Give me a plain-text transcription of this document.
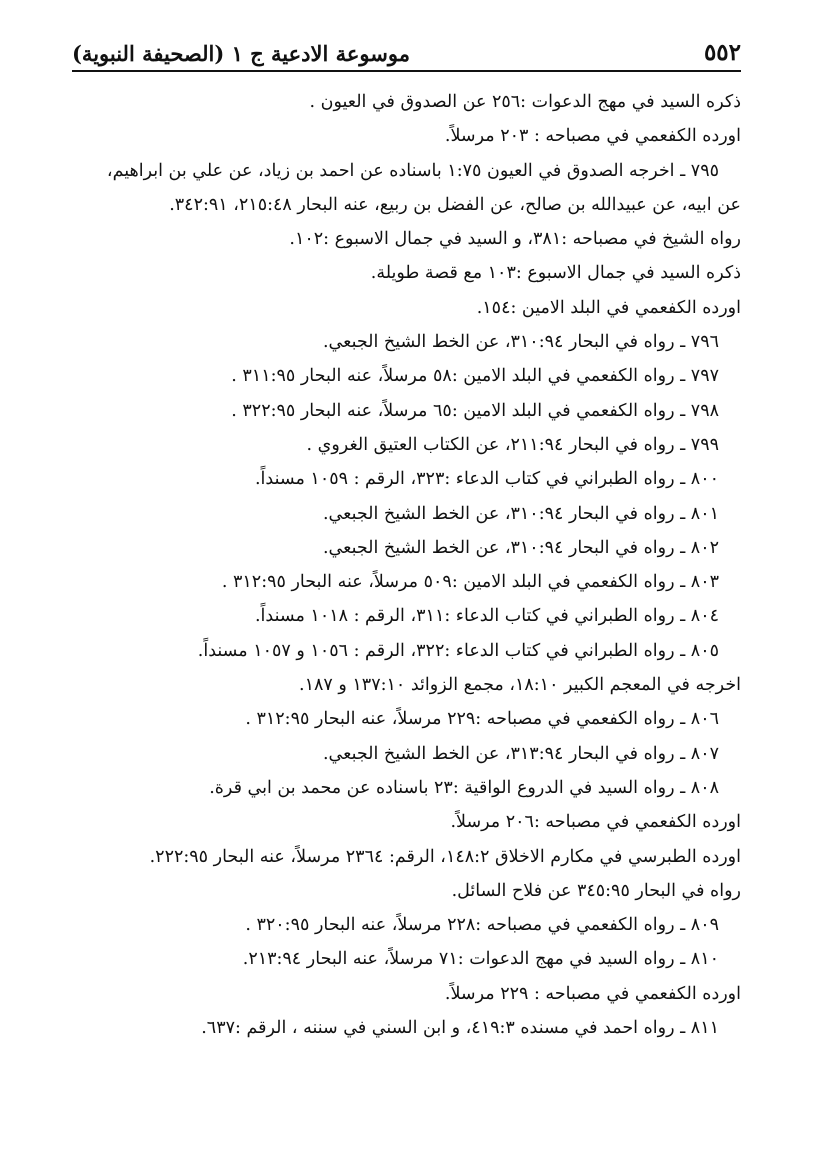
٥٥٢
موسوعة الادعية ج ١ (الصحيفة النبوية)
ذكره السيد في مهج الدعوات :٢٥٦ عن الصدوق في العيون .
اورده الكفعمي في مصباحه : ٢٠٣ مرسلاً.
٧٩٥ ـ اخرجه الصدوق في العيون ١:٧٥ باسناده عن احمد بن زياد، عن علي بن ابراهيم،
عن ابيه، عن عبيدالله بن صالح، عن الفضل بن ربيع، عنه البحار ٢١٥:٤٨، ٣٤٢:٩١.
رواه الشيخ في مصباحه :٣٨١، و السيد في جمال الاسبوع :١٠٢.
ذكره السيد في جمال الاسبوع :١٠٣ مع قصة طويلة.
اورده الكفعمي في البلد الامين :١٥٤.
٧٩٦ ـ رواه في البحار ٣١٠:٩٤، عن الخط الشيخ الجبعي.
٧٩٧ ـ رواه الكفعمي في البلد الامين :٥٨ مرسلاً، عنه البحار ٣١١:٩٥ .
٧٩٨ ـ رواه الكفعمي في البلد الامين :٦٥ مرسلاً، عنه البحار ٣٢٢:٩٥ .
٧٩٩ ـ رواه في البحار ٢١١:٩٤، عن الكتاب العتيق الغروي .
٨٠٠ ـ رواه الطبراني في كتاب الدعاء :٣٢٣، الرقم : ١٠٥٩ مسنداً.
٨٠١ ـ رواه في البحار ٣١٠:٩٤، عن الخط الشيخ الجبعي.
٨٠٢ ـ رواه في البحار ٣١٠:٩٤، عن الخط الشيخ الجبعي.
٨٠٣ ـ رواه الكفعمي في البلد الامين :٥٠٩ مرسلاً، عنه البحار ٣١٢:٩٥ .
٨٠٤ ـ رواه الطبراني في كتاب الدعاء :٣١١، الرقم : ١٠١٨ مسنداً.
٨٠٥ ـ رواه الطبراني في كتاب الدعاء :٣٢٢، الرقم : ١٠٥٦ و ١٠٥٧ مسنداً.
اخرجه في المعجم الكبير ١٨:١٠، مجمع الزوائد ١٣٧:١٠ و ١٨٧.
٨٠٦ ـ رواه الكفعمي في مصباحه :٢٢٩ مرسلاً، عنه البحار ٣١٢:٩٥ .
٨٠٧ ـ رواه في البحار ٣١٣:٩٤، عن الخط الشيخ الجبعي.
٨٠٨ ـ رواه السيد في الدروع الواقية :٢٣ باسناده عن محمد بن ابي قرة.
اورده الكفعمي في مصباحه :٢٠٦ مرسلاً.
اورده الطبرسي في مكارم الاخلاق ١٤٨:٢، الرقم: ٢٣٦٤ مرسلاً، عنه البحار ٢٢٢:٩٥.
رواه في البحار ٣٤٥:٩٥ عن فلاح السائل.
٨٠٩ ـ رواه الكفعمي في مصباحه :٢٢٨ مرسلاً، عنه البحار ٣٢٠:٩٥ .
٨١٠ ـ رواه السيد في مهج الدعوات :٧١ مرسلاً، عنه البحار ٢١٣:٩٤.
اورده الكفعمي في مصباحه : ٢٢٩ مرسلاً.
٨١١ ـ رواه احمد في مسنده ٤١٩:٣، و ابن السني في سننه ، الرقم :٦٣٧.
